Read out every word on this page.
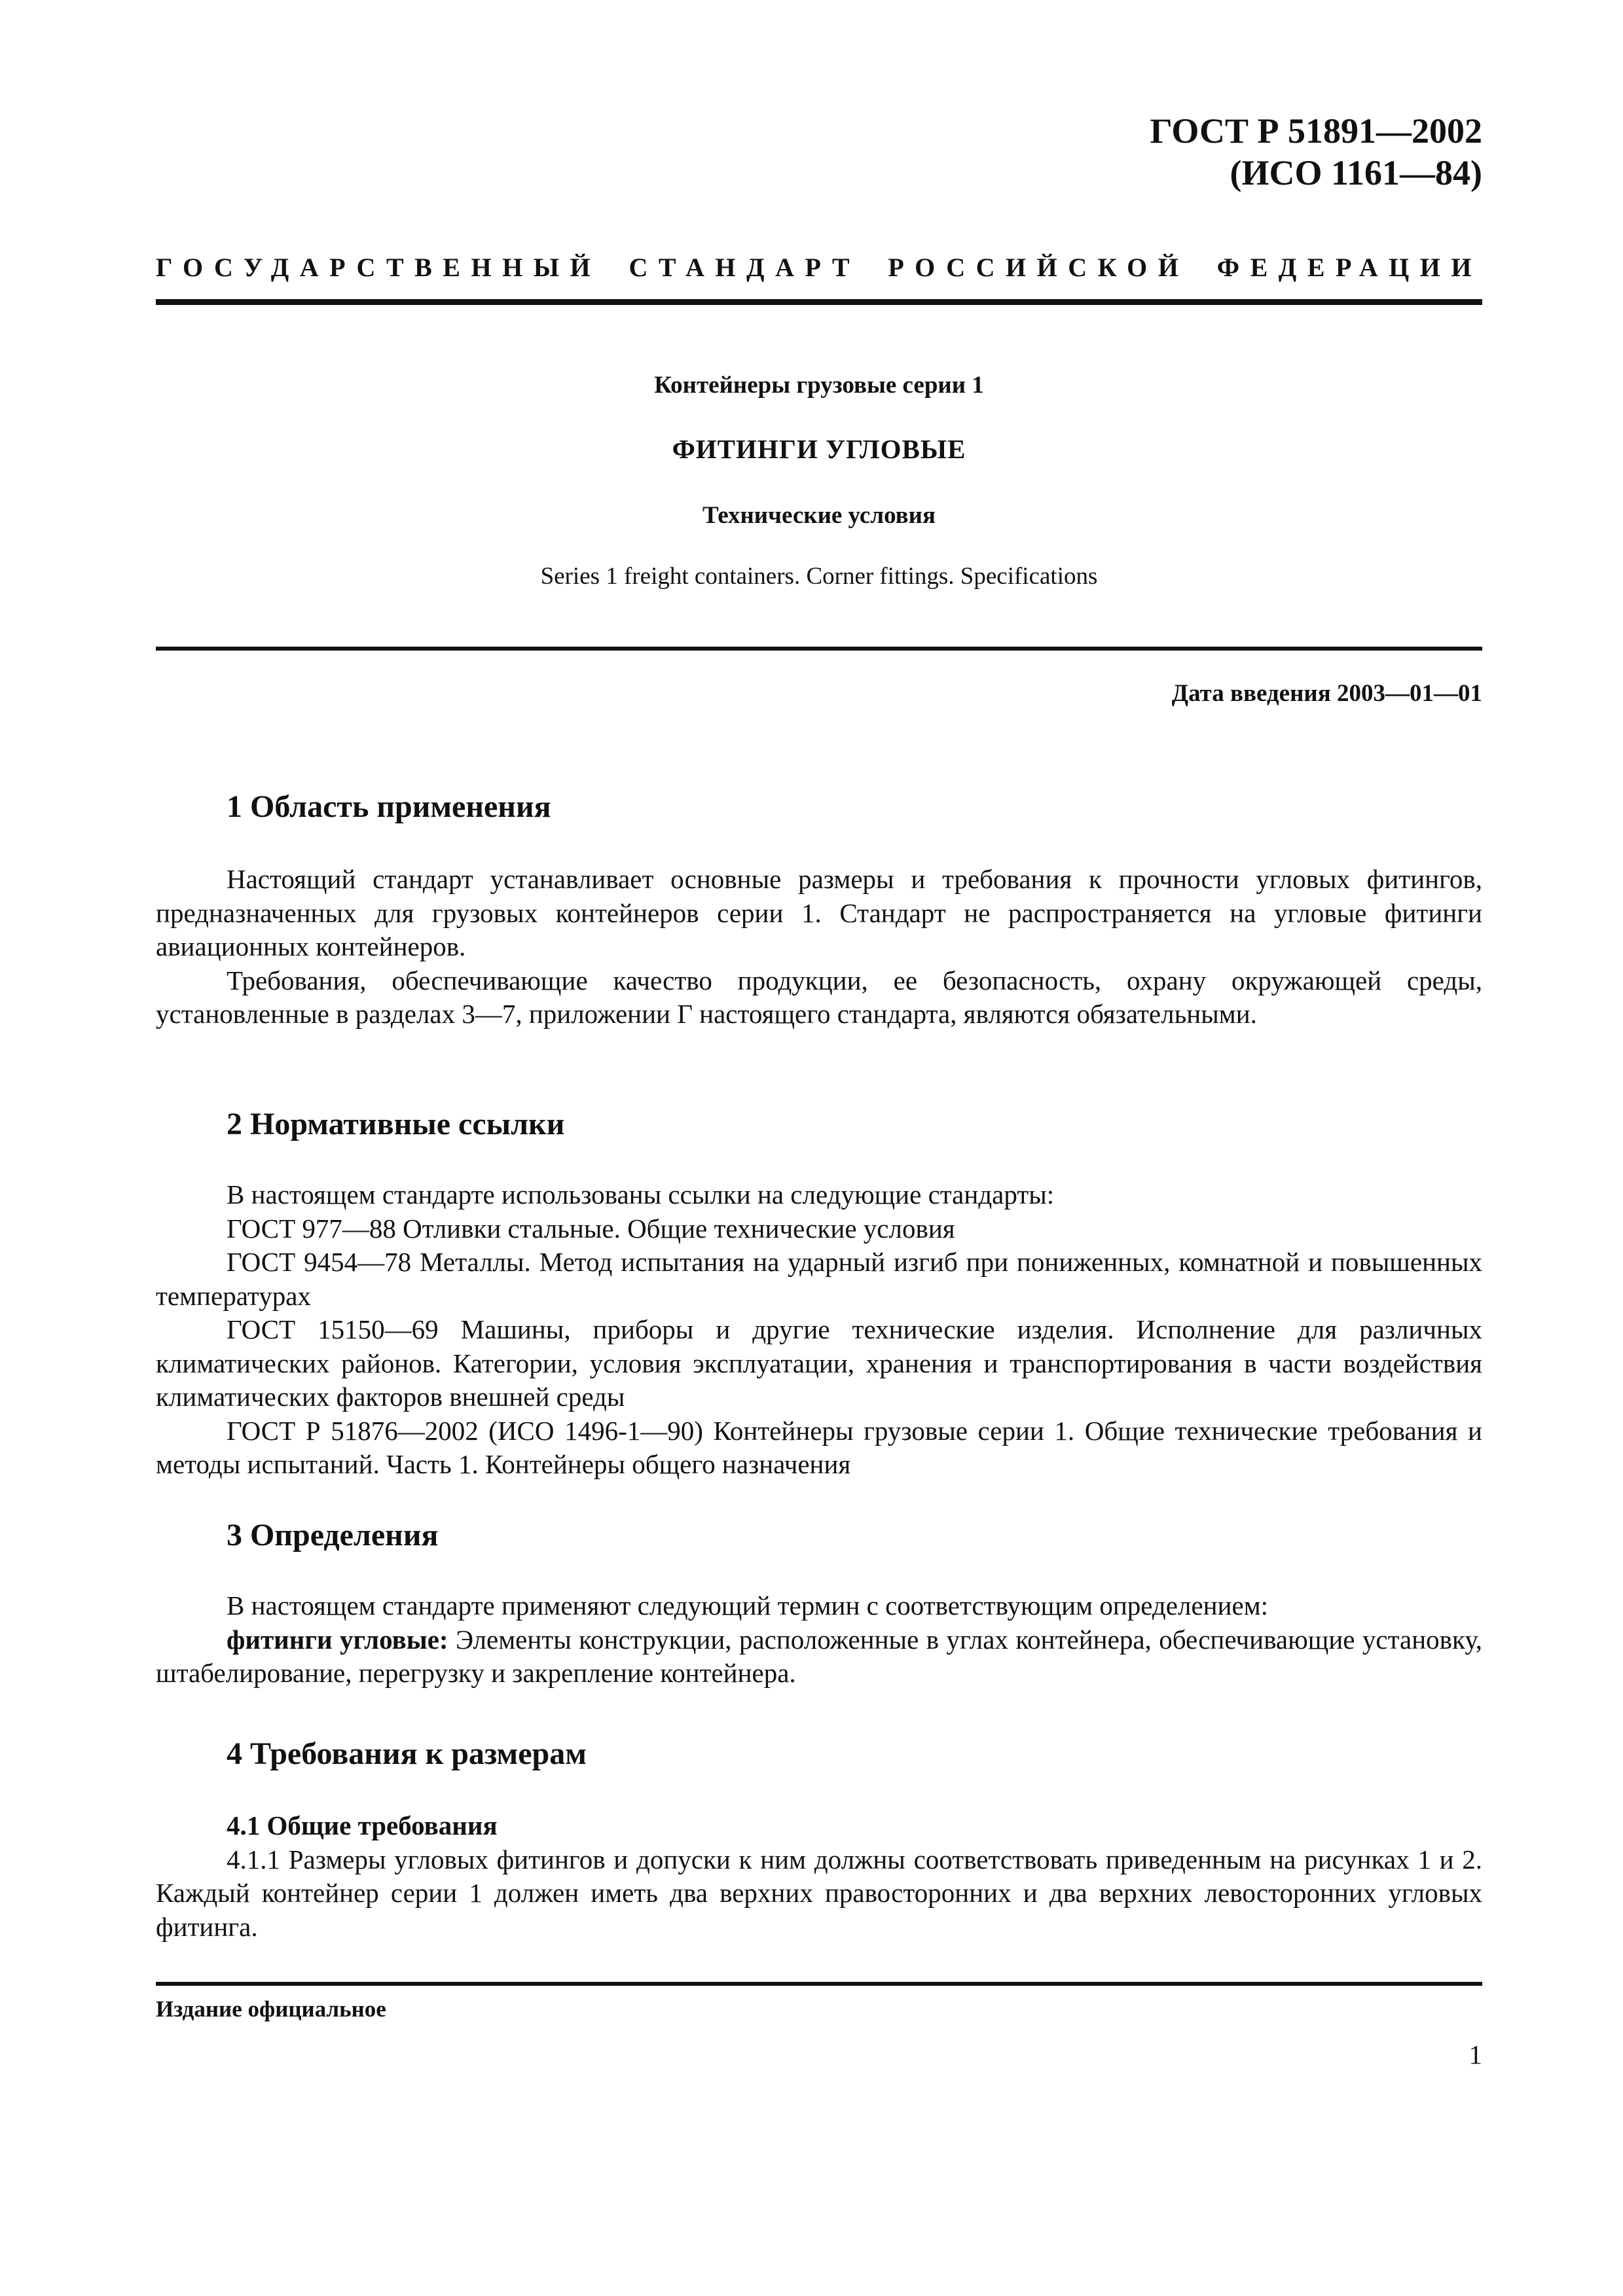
ГОСТ Р 51891—2002
(ИСО 1161—84)
ГОСУДАРСТВЕННЫЙ СТАНДАРТ РОССИЙСКОЙ ФЕДЕРАЦИИ
Контейнеры грузовые серии 1
ФИТИНГИ УГЛОВЫЕ
Технические условия
Series 1 freight containers. Corner fittings. Specifications
Дата введения 2003—01—01
1 Область применения

Настоящий стандарт устанавливает основные размеры и требования к прочности угловых фитингов, предназначенных для грузовых контейнеров серии 1. Стандарт не распространяется на угловые фитинги авиационных контейнеров.

Требования, обеспечивающие качество продукции, ее безопасность, охрану окружающей среды, установленные в разделах 3—7, приложении Г настоящего стандарта, являются обязательными.

2 Нормативные ссылки

В настоящем стандарте использованы ссылки на следующие стандарты:

ГОСТ 977—88 Отливки стальные. Общие технические условия

ГОСТ 9454—78 Металлы. Метод испытания на ударный изгиб при пониженных, комнатной и повышенных температурах

ГОСТ 15150—69 Машины, приборы и другие технические изделия. Исполнение для различных климатических районов. Категории, условия эксплуатации, хранения и транспортирования в части воздействия климатических факторов внешней среды

ГОСТ Р 51876—2002 (ИСО 1496-1—90) Контейнеры грузовые серии 1. Общие технические требования и методы испытаний. Часть 1. Контейнеры общего назначения

3 Определения

В настоящем стандарте применяют следующий термин с соответствующим определением:

фитинги угловые: Элементы конструкции, расположенные в углах контейнера, обеспечивающие установку, штабелирование, перегрузку и закрепление контейнера.

4 Требования к размерам

4.1 Общие требования

4.1.1 Размеры угловых фитингов и допуски к ним должны соответствовать приведенным на рисунках 1 и 2. Каждый контейнер серии 1 должен иметь два верхних правосторонних и два верхних левосторонних угловых фитинга.

Издание официальное
1
